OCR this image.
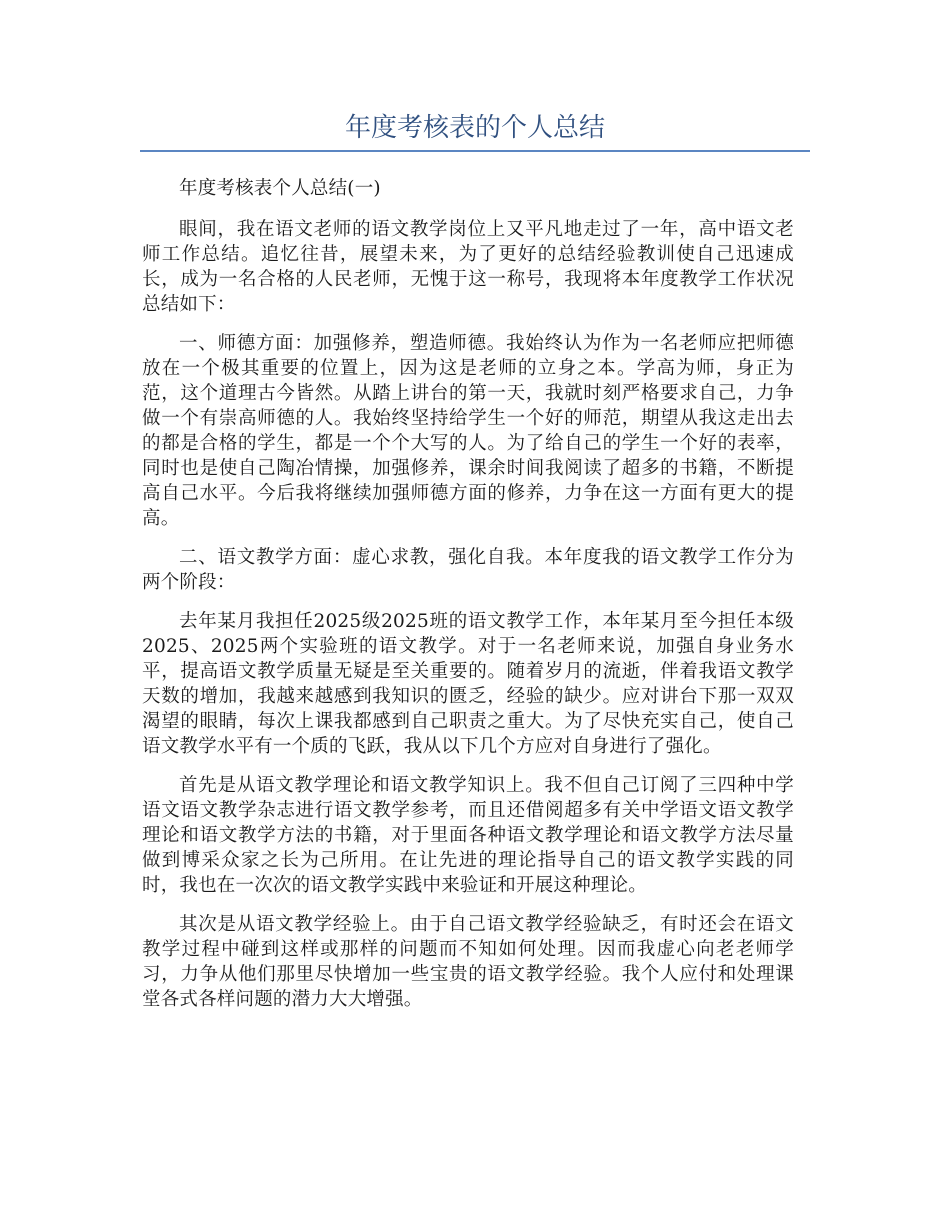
年度考核表的个人总结

年度考核表个人总结(一)

眼间，我在语文老师的语文教学岗位上又平凡地走过了一年，高中语文老师工作总结。追忆往昔，展望未来，为了更好的总结经验教训使自己迅速成长，成为一名合格的人民老师，无愧于这一称号，我现将本年度教学工作状况总结如下：

一、师德方面：加强修养，塑造师德。我始终认为作为一名老师应把师德放在一个极其重要的位置上，因为这是老师的立身之本。学高为师，身正为范，这个道理古今皆然。从踏上讲台的第一天，我就时刻严格要求自己，力争做一个有崇高师德的人。我始终坚持给学生一个好的师范，期望从我这走出去的都是合格的学生，都是一个个大写的人。为了给自己的学生一个好的表率，同时也是使自己陶冶情操，加强修养，课余时间我阅读了超多的书籍，不断提高自己水平。今后我将继续加强师德方面的修养，力争在这一方面有更大的提高。

二、语文教学方面：虚心求教，强化自我。本年度我的语文教学工作分为两个阶段：

去年某月我担任2025级2025班的语文教学工作，本年某月至今担任本级2025、2025两个实验班的语文教学。对于一名老师来说，加强自身业务水平，提高语文教学质量无疑是至关重要的。随着岁月的流逝，伴着我语文教学天数的增加，我越来越感到我知识的匮乏，经验的缺少。应对讲台下那一双双渴望的眼睛，每次上课我都感到自己职责之重大。为了尽快充实自己，使自己语文教学水平有一个质的飞跃，我从以下几个方应对自身进行了强化。

首先是从语文教学理论和语文教学知识上。我不但自己订阅了三四种中学语文语文教学杂志进行语文教学参考，而且还借阅超多有关中学语文语文教学理论和语文教学方法的书籍，对于里面各种语文教学理论和语文教学方法尽量做到博采众家之长为己所用。在让先进的理论指导自己的语文教学实践的同时，我也在一次次的语文教学实践中来验证和开展这种理论。

其次是从语文教学经验上。由于自己语文教学经验缺乏，有时还会在语文教学过程中碰到这样或那样的问题而不知如何处理。因而我虚心向老老师学习，力争从他们那里尽快增加一些宝贵的语文教学经验。我个人应付和处理课堂各式各样问题的潜力大大增强。
